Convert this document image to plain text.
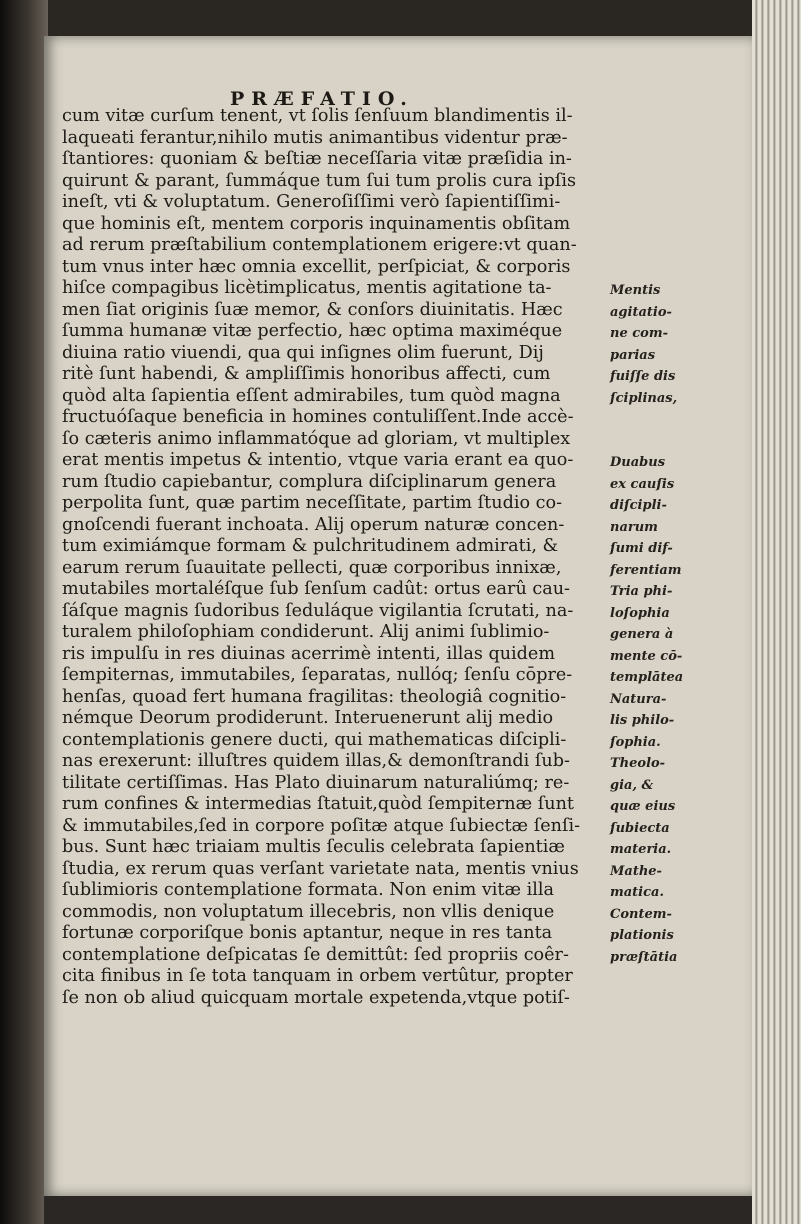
PRÆFATIO.
cum vitæ curſum tenent, vt ſolis ſenſuum blandimentis il-
laqueati ferantur,nihilo mutis animantibus videntur præ-
ſtantiores: quoniam & beſtiæ neceſſaria vitæ præſidia in-
quirunt & parant, ſummáque tum ſui tum prolis cura ipſis
ineſt, vti & voluptatum. Generoſiſſimi verò ſapientiſſimi-
que hominis eſt, mentem corporis inquinamentis obſitam
ad rerum præſtabilium contemplationem erigere:vt quan-
tum vnus inter hæc omnia excellit, perſpiciat, & corporis
hiſce compagibus licètimplicatus, mentis agitatione ta-
men ſiat originis ſuæ memor, & conſors diuinitatis. Hæc
ſumma humanæ vitæ perfectio, hæc optima maximéque
diuina ratio viuendi, qua qui inſignes olim fuerunt, Dij
ritè ſunt habendi, & ampliſſimis honoribus affecti, cum
quòd alta ſapientia eſſent admirabiles, tum quòd magna
fructuóſaque beneficia in homines contuliſſent.Inde accè-
ſo cæteris animo inflammatóque ad gloriam, vt multiplex
erat mentis impetus & intentio, vtque varia erant ea quo-
rum ſtudio capiebantur, complura diſciplinarum genera
perpolita ſunt, quæ partim neceſſitate, partim ſtudio co-
gnoſcendi fuerant inchoata. Alij operum naturæ concen-
tum eximiámque formam & pulchritudinem admirati, &
earum rerum ſuauitate pellecti, quæ corporibus innixæ,
mutabiles mortaléſque ſub ſenſum cadût: ortus earû cau-
ſáſque magnis ſudoribus ſeduláque vigilantia ſcrutati, na-
turalem philoſophiam condiderunt. Alij animi ſublimio-
ris impulſu in res diuinas acerrimè intenti, illas quidem
ſempiternas, immutabiles, ſeparatas, nullóq; ſenſu cōpre-
henſas, quoad fert humana fragilitas: theologiâ cognitio-
némque Deorum prodiderunt. Interuenerunt alij medio
contemplationis genere ducti, qui mathematicas diſcipli-
nas erexerunt: illuſtres quidem illas,& demonſtrandi ſub-
tilitate certiſſimas. Has Plato diuinarum naturaliúmq; re-
rum confines & intermedias ſtatuit,quòd ſempiternæ ſunt
& immutabiles,ſed in corpore poſitæ atque ſubiectæ ſenſi-
bus. Sunt hæc triaiam multis ſeculis celebrata ſapientiæ
ſtudia, ex rerum quas verſant varietate nata, mentis vnius
ſublimioris contemplatione formata. Non enim vitæ illa
commodis, non voluptatum illecebris, non vllis denique
fortunæ corporiſque bonis aptantur, neque in res tanta
contemplatione deſpicatas ſe demittût: ſed propriis coêr-
cita finibus in ſe tota tanquam in orbem vertûtur, propter
ſe non ob aliud quicquam mortale expetenda,vtque potiſ-
Mentis
agitatio-
ne com-
parias
fuiſſe dis
ſciplinas,

Duabus
ex cauſis
diſcipli-
narum
ſumi dif-
ferentiam
Tria phi-
loſophia
genera à
mente cō-
templātea
Natura-
lis philo-
ſophia.
Theolo-
gia, &
quæ eius
ſubiecta
materia.
Mathe-
matica.
Contem-
plationis
præſtātia
